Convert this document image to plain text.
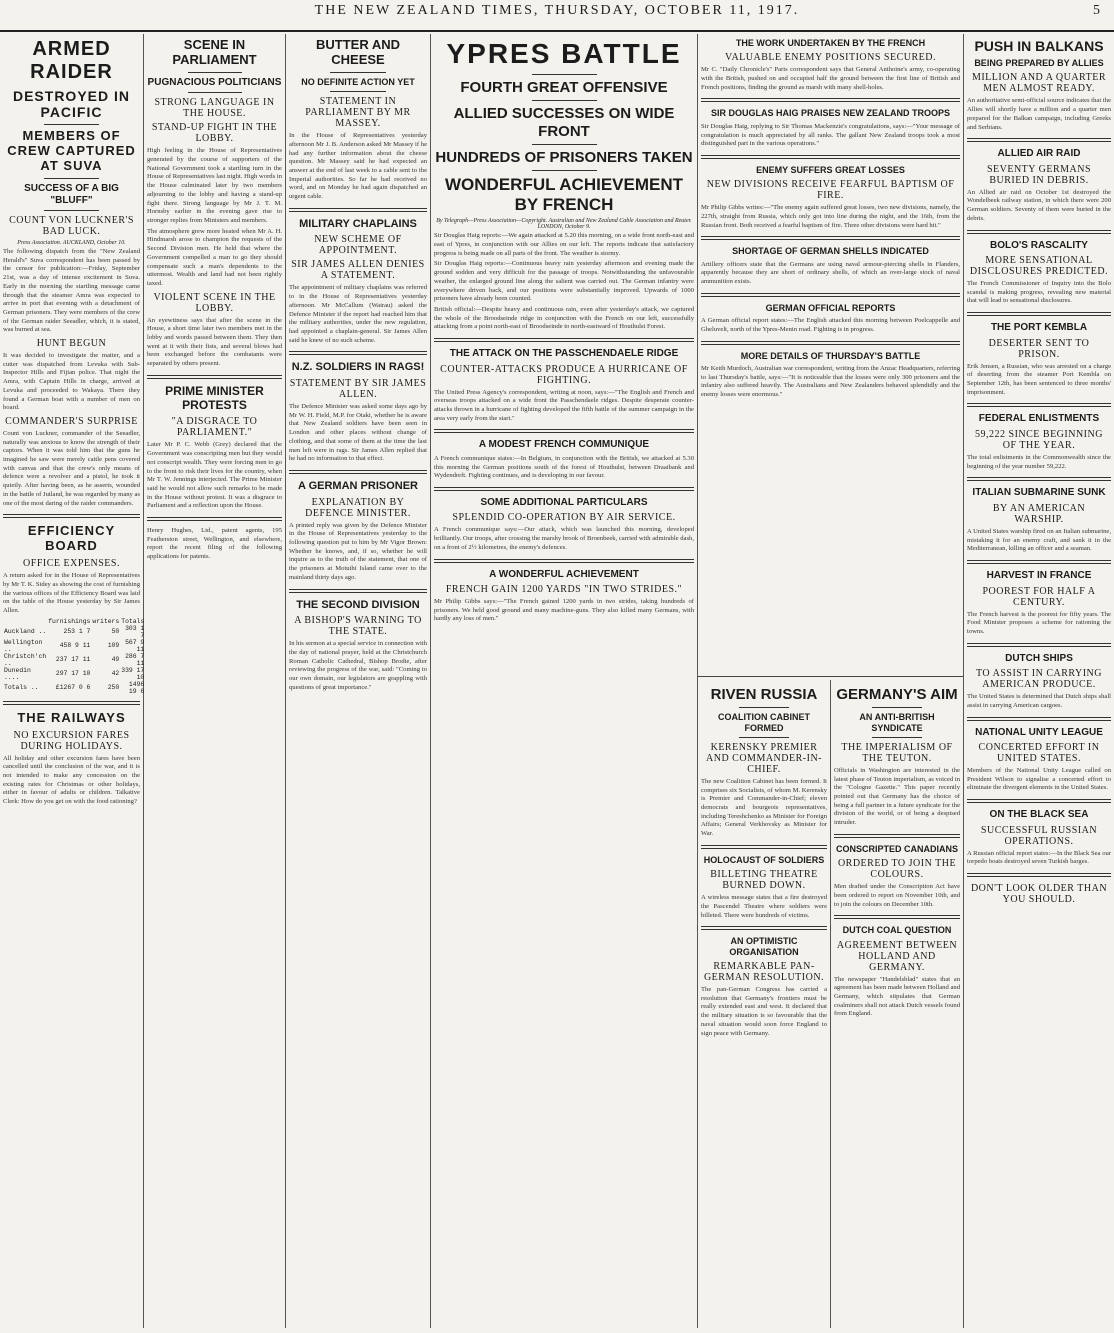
THE NEW ZEALAND TIMES, THURSDAY, OCTOBER 11, 1917.	5
ARMED RAIDER
DESTROYED IN PACIFIC
MEMBERS OF CREW CAPTURED AT SUVA
SUCCESS OF A BIG "BLUFF"
COUNT VON LUCKNER'S BAD LUCK.
Press Association. AUCKLAND, October 10.
The following dispatch from the "New Zealand Herald's" Suva correspondent has been passed by the censor for publication:—Friday, September 21st, was a day of intense excitement in Suva. Early in the morning the startling message came through that the steamer Amra was expected to arrive in port that evening with a detachment of German prisoners. They were members of the crew of the German raider Seeadler, which, it is stated, was burned at sea.
HUNT BEGUN
It was decided to investigate the matter, and a cutter was dispatched from Levuka with Sub-Inspector Hills and Fijian police. That night the Amra, with Captain Hills in charge, arrived at Levuka and proceeded to Wakaya. There they found a German boat with a number of men on board.
COMMANDER'S SURPRISE
Count von Luckner, commander of the Seeadler, naturally was anxious to know the strength of their captors. When it was told him that the guns he imagined he saw were merely cattle pens covered with canvas and that the crew's only means of defence were a revolver and a pistol, he took it quietly. After having been, as he asserts, wounded in the battle of Jutland, he was regarded by many as one of the most daring of the raider commanders.
EFFICIENCY BOARD
OFFICE EXPENSES.
A return asked for in the House of Representatives by Mr T. K. Sidey as showing the cost of furnishing the various offices of the Efficiency Board was laid on the table of the House yesterday by Sir James Allen.
	furnishings	writers	Totals
Auckland ..	253 1 7	50	303 1 7
Wellington ..	458 9 11	109	567 9 11
Christch'ch ..	237 17 11	49	286 7 11
Dunedin ....	297 17 10	42	339 17 10
Totals ..	£1267 0 6	250	1496 19 6
THE RAILWAYS
NO EXCURSION FARES DURING HOLIDAYS.
All holiday and other excursion fares have been cancelled until the conclusion of the war, and it is not intended to make any concession on the existing rates for Christmas or other holidays, either in favour of adults or children. Talkative Clerk: How do you get on with the food rationing?
SCENE IN PARLIAMENT
PUGNACIOUS POLITICIANS
STRONG LANGUAGE IN THE HOUSE.
STAND-UP FIGHT IN THE LOBBY.
High feeling in the House of Representatives generated by the course of supporters of the National Government took a startling turn in the House of Representatives last night. High words in the House culminated later by two members adjourning to the lobby and having a stand-up fight there. Strong language by Mr J. T. M. Hornsby earlier in the evening gave rise to stronger replies from Ministers and members.
The atmosphere grew more heated when Mr A. H. Hindmarsh arose to champion the requests of the Second Division men. He held that where the Government compelled a man to go they should compensate such a man's dependents to the uttermost. Wealth and land had not been rightly taxed.
VIOLENT SCENE IN THE LOBBY.
An eyewitness says that after the scene in the House, a short time later two members met in the lobby and words passed between them. They then went at it with their fists, and several blows had been exchanged before the combatants were separated by others present.
PRIME MINISTER PROTESTS
"A DISGRACE TO PARLIAMENT."
Later Mr P. C. Webb (Grey) declared that the Government was conscripting men but they would not conscript wealth. They were forcing men to go to the front to risk their lives for the country, when Mr T. W. Jennings interjected. The Prime Minister said he would not allow such remarks to be made in the House without protest. It was a disgrace to Parliament and a reflection upon the House.
Henry Hughes, Ltd., patent agents, 195 Featherston street, Wellington, and elsewhere, report the recent filing of the following applications for patents.
BUTTER AND CHEESE
NO DEFINITE ACTION YET
STATEMENT IN PARLIAMENT BY MR MASSEY.
In the House of Representatives yesterday afternoon Mr J. B. Anderson asked Mr Massey if he had any further information about the cheese question. Mr Massey said he had expected an answer at the end of last week to a cable sent to the Imperial authorities. So far he had received no word, and on Monday he had again dispatched an urgent cable.
MILITARY CHAPLAINS
NEW SCHEME OF APPOINTMENT.
SIR JAMES ALLEN DENIES A STATEMENT.
The appointment of military chaplains was referred to in the House of Representatives yesterday afternoon. Mr McCallum (Wairau) asked the Defence Minister if the report had reached him that the military authorities, under the new regulation, had appointed a chaplain-general. Sir James Allen said he knew of no such scheme.
N.Z. SOLDIERS IN RAGS!
STATEMENT BY SIR JAMES ALLEN.
The Defence Minister was asked some days ago by Mr W. H. Field, M.P. for Otaki, whether he is aware that New Zealand soldiers have been seen in London and other places without change of clothing, and that some of them at the time the last men left were in rags. Sir James Allen replied that he had no information to that effect.
A GERMAN PRISONER
EXPLANATION BY DEFENCE MINISTER.
A printed reply was given by the Defence Minister in the House of Representatives yesterday to the following question put to him by Mr Vigor Brown: Whether he knows, and, if so, whether he will inquire as to the truth of the statement, that one of the prisoners at Motuihi Island came over to the mainland thirty days ago.
THE SECOND DIVISION
A BISHOP'S WARNING TO THE STATE.
In his sermon at a special service in connection with the day of national prayer, held at the Christchurch Roman Catholic Cathedral, Bishop Brodie, after reviewing the progress of the war, said: "Coming to our own domain, our legislators are grappling with questions of great importance."
YPRES BATTLE
FOURTH GREAT OFFENSIVE
ALLIED SUCCESSES ON WIDE FRONT
HUNDREDS OF PRISONERS TAKEN
WONDERFUL ACHIEVEMENT BY FRENCH
By Telegraph—Press Association—Copyright. Australian and New Zealand Cable Association and Reuter. LONDON, October 9.
Sir Douglas Haig reports:—We again attacked at 5.20 this morning, on a wide front north-east and east of Ypres, in conjunction with our Allies on our left. The reports indicate that satisfactory progress is being made on all parts of the front. The weather is stormy.
Sir Douglas Haig reports:—Continuous heavy rain yesterday afternoon and evening made the ground sodden and very difficult for the passage of troops. Notwithstanding the unfavourable weather, the enlarged ground line along the salient was carried out. The German infantry were everywhere driven back, and our positions were substantially improved. Upwards of 1000 prisoners have already been counted.
British official:—Despite heavy and continuous rain, even after yesterday's attack, we captured the whole of the Broodseinde ridge in conjunction with the French on our left, successfully attacking from a point north-east of Broodseinde to north-eastward of Houthulst Forest.
THE ATTACK ON THE PASSCHENDAELE RIDGE
COUNTER-ATTACKS PRODUCE A HURRICANE OF FIGHTING.
The United Press Agency's correspondent, writing at noon, says:—"The English and French and overseas troops attacked on a wide front the Passchendaele ridges. Despite desperate counter-attacks thrown in a hurricane of fighting developed the fifth battle of the summer campaign in the area very early from the start."
A MODEST FRENCH COMMUNIQUE
A French communique states:—In Belgium, in conjunction with the British, we attacked at 5.30 this morning the German positions south of the forest of Houthulst, between Draaibank and Wydendreft. Fighting continues, and is developing in our favour.
SOME ADDITIONAL PARTICULARS
SPLENDID CO-OPERATION BY AIR SERVICE.
A French communique says:—Our attack, which was launched this morning, developed brilliantly. Our troops, after crossing the marshy brook of Broenbeek, carried with admirable dash, on a front of 2½ kilometres, the enemy's defences.
A WONDERFUL ACHIEVEMENT
FRENCH GAIN 1200 YARDS "IN TWO STRIDES."
Mr Philip Gibbs says:—"The French gained 1200 yards in two strides, taking hundreds of prisoners. We held good ground and many machine-guns. They also killed many Germans, with hardly any loss of men."
THE WORK UNDERTAKEN BY THE FRENCH
VALUABLE ENEMY POSITIONS SECURED.
Mr C. "Daily Chronicle's" Paris correspondent says that General Anthoine's army, co-operating with the British, pushed on and occupied half the ground between the first line of British and French positions, finding the ground as marsh with many shell-holes.
SIR DOUGLAS HAIG PRAISES NEW ZEALAND TROOPS
Sir Douglas Haig, replying to Sir Thomas Mackenzie's congratulations, says:—"Your message of congratulation is much appreciated by all ranks. The gallant New Zealand troops took a most distinguished part in the various operations."
ENEMY SUFFERS GREAT LOSSES
NEW DIVISIONS RECEIVE FEARFUL BAPTISM OF FIRE.
Mr Philip Gibbs writes:—"The enemy again suffered great losses, two new divisions, namely, the 227th, straight from Russia, which only got into line during the night, and the 16th, from the Russian front. Both received a fearful baptism of fire. Three other divisions were hard hit."
SHORTAGE OF GERMAN SHELLS INDICATED
Artillery officers state that the Germans are using naval armour-piercing shells in Flanders, apparently because they are short of ordinary shells, of which an over-large stock of naval ammunition exists.
GERMAN OFFICIAL REPORTS
A German official report states:—The English attacked this morning between Poelcappelle and Gheluvelt, north of the Ypres-Menin road. Fighting is in progress.
MORE DETAILS OF THURSDAY'S BATTLE
Mr Keith Murdoch, Australian war correspondent, writing from the Anzac Headquarters, referring to last Thursday's battle, says:—"It is noticeable that the losses were only 300 prisoners and the infantry also suffered heavily. The Australians and New Zealanders behaved splendidly and the enemy losses were enormous."
RIVEN RUSSIA
COALITION CABINET FORMED
KERENSKY PREMIER AND COMMANDER-IN-CHIEF.
The new Coalition Cabinet has been formed. It comprises six Socialists, of whom M. Kerensky is Premier and Commander-in-Chief; eleven democrats and bourgeois representatives, including Tereshchenko as Minister for Foreign Affairs; General Verkhovsky as Minister for War.
HOLOCAUST OF SOLDIERS
BILLETING THEATRE BURNED DOWN.
A wireless message states that a fire destroyed the Pascendel Theatre where soldiers were billeted. There were hundreds of victims.
AN OPTIMISTIC ORGANISATION
REMARKABLE PAN-GERMAN RESOLUTION.
The pan-German Congress has carried a resolution that Germany's frontiers must be really extended east and west. It declared that the military situation is so favourable that the naval situation would soon force England to sign peace with Germany.
GERMANY'S AIM
AN ANTI-BRITISH SYNDICATE
THE IMPERIALISM OF THE TEUTON.
Officials in Washington are interested in the latest phase of Teuton imperialism, as voiced in the "Cologne Gazette." This paper recently pointed out that Germany has the choice of being a full partner in a future syndicate for the division of the world, or of being a despised intruder.
CONSCRIPTED CANADIANS
ORDERED TO JOIN THE COLOURS.
Men drafted under the Conscription Act have been ordered to report on November 10th, and to join the colours on December 10th.
DUTCH COAL QUESTION
AGREEMENT BETWEEN HOLLAND AND GERMANY.
The newspaper "Handelsblad" states that an agreement has been made between Holland and Germany, which stipulates that German coalminers shall not attack Dutch vessels found from England.
PUSH IN BALKANS
BEING PREPARED BY ALLIES
MILLION AND A QUARTER MEN ALMOST READY.
An authoritative semi-official source indicates that the Allies will shortly have a million and a quarter men prepared for the Balkan campaign, including Greeks and Serbians.
ALLIED AIR RAID
SEVENTY GERMANS BURIED IN DEBRIS.
An Allied air raid on October 1st destroyed the Wondelbeek railway station, in which there were 200 German soldiers. Seventy of them were buried in the debris.
BOLO'S RASCALITY
MORE SENSATIONAL DISCLOSURES PREDICTED.
The French Commissioner of Inquiry into the Bolo scandal is making progress, revealing new material that will lead to sensational disclosures.
THE PORT KEMBLA
DESERTER SENT TO PRISON.
Erik Jensen, a Russian, who was arrested on a charge of deserting from the steamer Port Kembla on September 12th, has been sentenced to three months' imprisonment.
FEDERAL ENLISTMENTS
59,222 SINCE BEGINNING OF THE YEAR.
The total enlistments in the Commonwealth since the beginning of the year number 59,222.
ITALIAN SUBMARINE SUNK
BY AN AMERICAN WARSHIP.
A United States warship fired on an Italian submarine, mistaking it for an enemy craft, and sank it in the Mediterranean, killing an officer and a seaman.
HARVEST IN FRANCE
POOREST FOR HALF A CENTURY.
The French harvest is the poorest for fifty years. The Food Minister proposes a scheme for rationing the towns.
DUTCH SHIPS
TO ASSIST IN CARRYING AMERICAN PRODUCE.
The United States is determined that Dutch ships shall assist in carrying American cargoes.
NATIONAL UNITY LEAGUE
CONCERTED EFFORT IN UNITED STATES.
Members of the National Unity League called on President Wilson to signalise a concerted effort to eliminate the divergent elements in the United States.
ON THE BLACK SEA
SUCCESSFUL RUSSIAN OPERATIONS.
A Russian official report states:—In the Black Sea our torpedo boats destroyed seven Turkish barges.
DON'T LOOK OLDER THAN YOU SHOULD.
